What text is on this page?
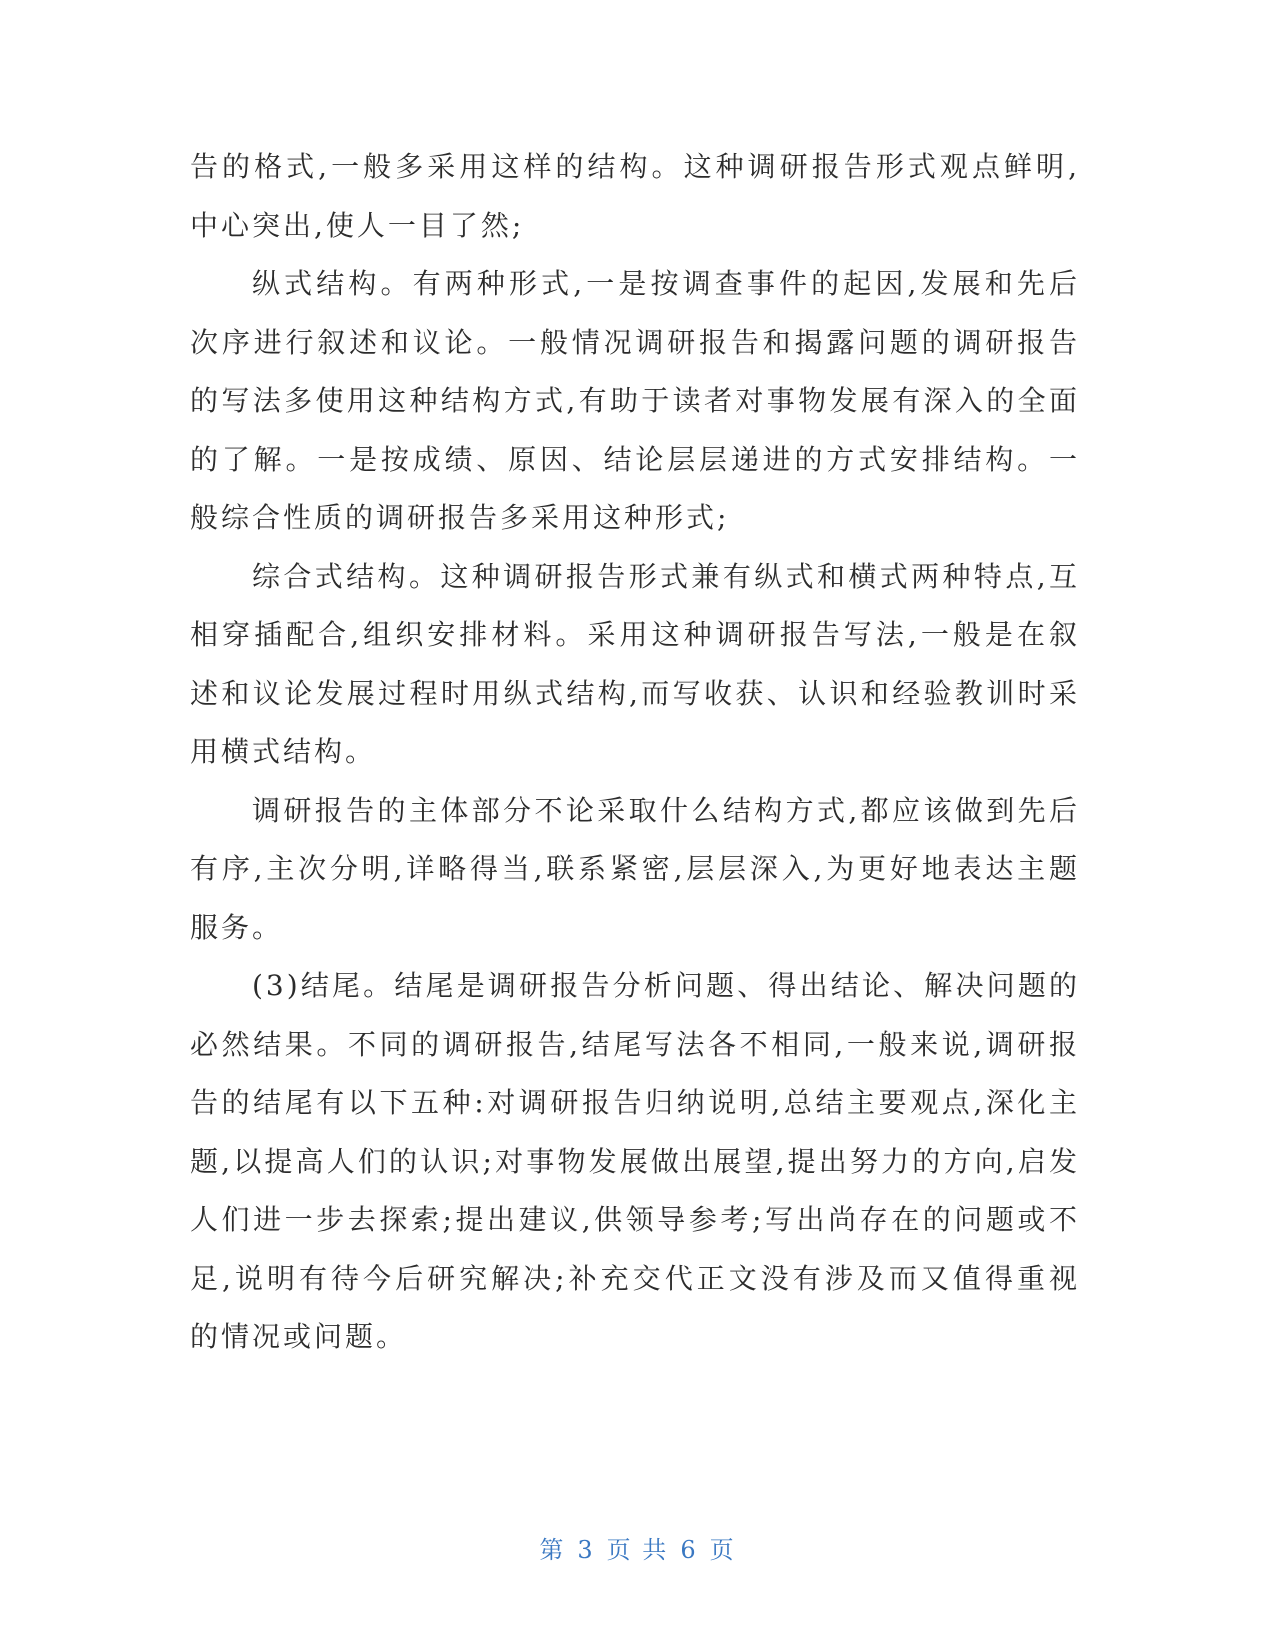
告的格式,一般多采用这样的结构。这种调研报告形式观点鲜明,中心突出,使人一目了然;

纵式结构。有两种形式,一是按调查事件的起因,发展和先后次序进行叙述和议论。一般情况调研报告和揭露问题的调研报告的写法多使用这种结构方式,有助于读者对事物发展有深入的全面的了解。一是按成绩、原因、结论层层递进的方式安排结构。一般综合性质的调研报告多采用这种形式;

综合式结构。这种调研报告形式兼有纵式和横式两种特点,互相穿插配合,组织安排材料。采用这种调研报告写法,一般是在叙述和议论发展过程时用纵式结构,而写收获、认识和经验教训时采用横式结构。

调研报告的主体部分不论采取什么结构方式,都应该做到先后有序,主次分明,详略得当,联系紧密,层层深入,为更好地表达主题服务。

(3)结尾。结尾是调研报告分析问题、得出结论、解决问题的必然结果。不同的调研报告,结尾写法各不相同,一般来说,调研报告的结尾有以下五种:对调研报告归纳说明,总结主要观点,深化主题,以提高人们的认识;对事物发展做出展望,提出努力的方向,启发人们进一步去探索;提出建议,供领导参考;写出尚存在的问题或不足,说明有待今后研究解决;补充交代正文没有涉及而又值得重视的情况或问题。

第 3 页 共 6 页
